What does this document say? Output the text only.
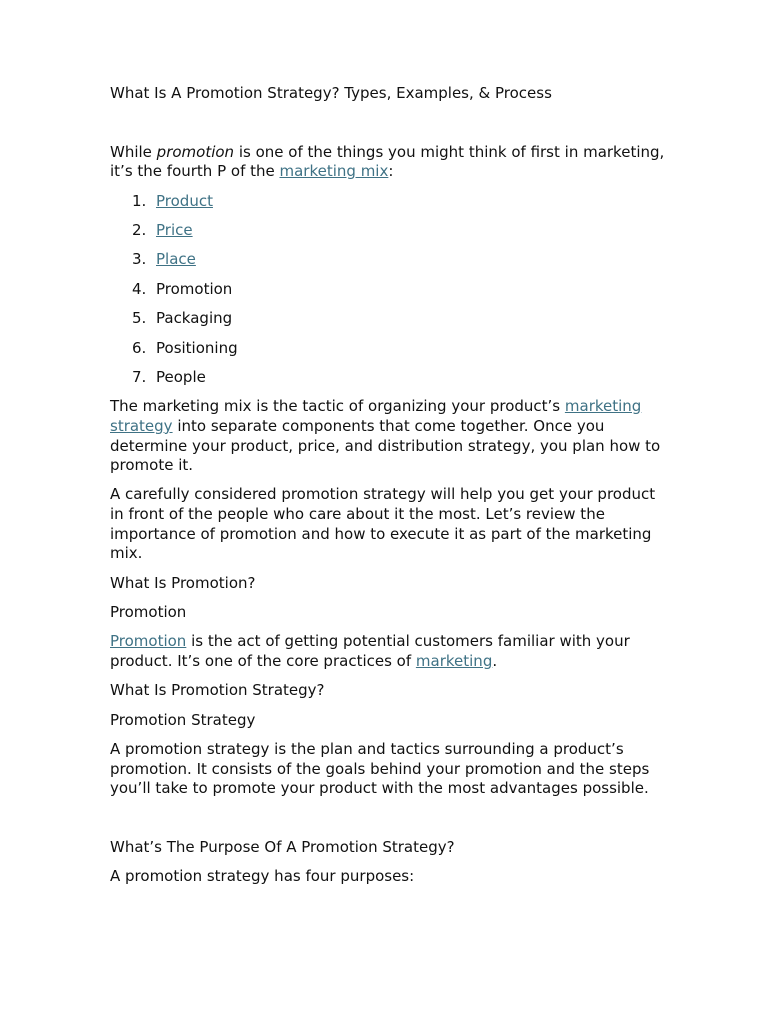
What Is A Promotion Strategy? Types, Examples, & Process

While promotion is one of the things you might think of first in marketing, it’s the fourth P of the marketing mix:

1. Product
2. Price
3. Place
4. Promotion
5. Packaging
6. Positioning
7. People

The marketing mix is the tactic of organizing your product’s marketing strategy into separate components that come together. Once you determine your product, price, and distribution strategy, you plan how to promote it.

A carefully considered promotion strategy will help you get your product in front of the people who care about it the most. Let’s review the importance of promotion and how to execute it as part of the marketing mix.

What Is Promotion?

Promotion

Promotion is the act of getting potential customers familiar with your product. It’s one of the core practices of marketing.

What Is Promotion Strategy?

Promotion Strategy

A promotion strategy is the plan and tactics surrounding a product’s promotion. It consists of the goals behind your promotion and the steps you’ll take to promote your product with the most advantages possible.

What’s The Purpose Of A Promotion Strategy?

A promotion strategy has four purposes:
